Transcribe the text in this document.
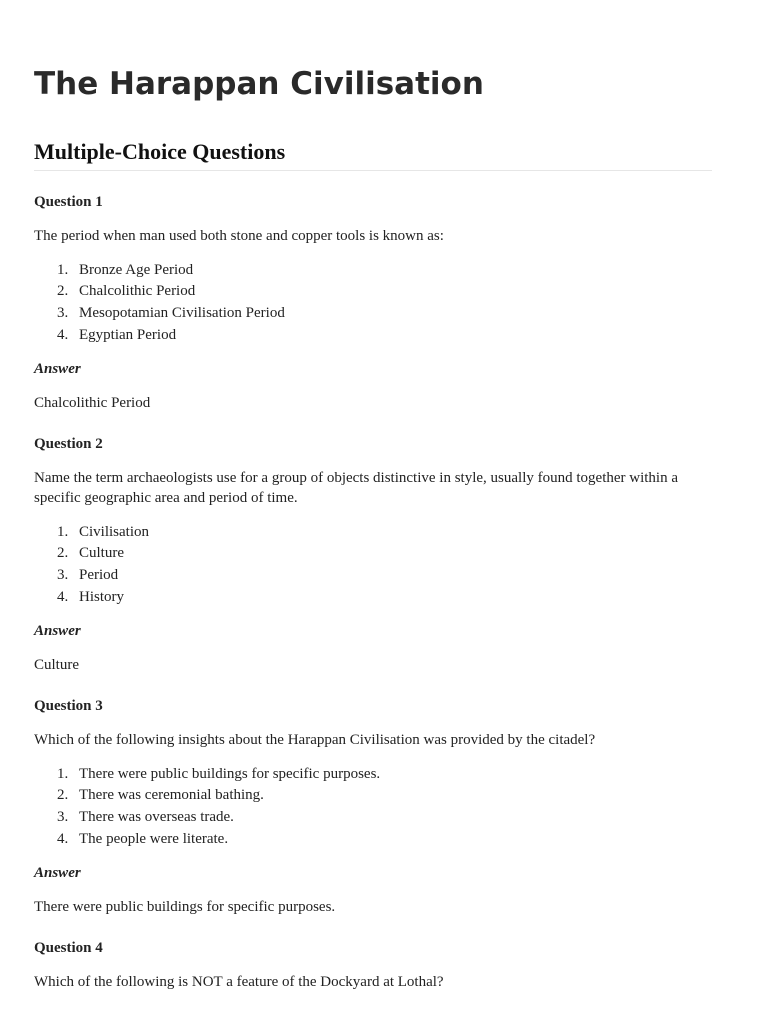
The Harappan Civilisation
Multiple-Choice Questions

Question 1

The period when man used both stone and copper tools is known as:

1. Bronze Age Period
2. Chalcolithic Period
3. Mesopotamian Civilisation Period
4. Egyptian Period

Answer

Chalcolithic Period

Question 2

Name the term archaeologists use for a group of objects distinctive in style, usually found together within a specific geographic area and period of time.

1. Civilisation
2. Culture
3. Period
4. History

Answer

Culture

Question 3

Which of the following insights about the Harappan Civilisation was provided by the citadel?

1. There were public buildings for specific purposes.
2. There was ceremonial bathing.
3. There was overseas trade.
4. The people were literate.

Answer

There were public buildings for specific purposes.

Question 4

Which of the following is NOT a feature of the Dockyard at Lothal?
